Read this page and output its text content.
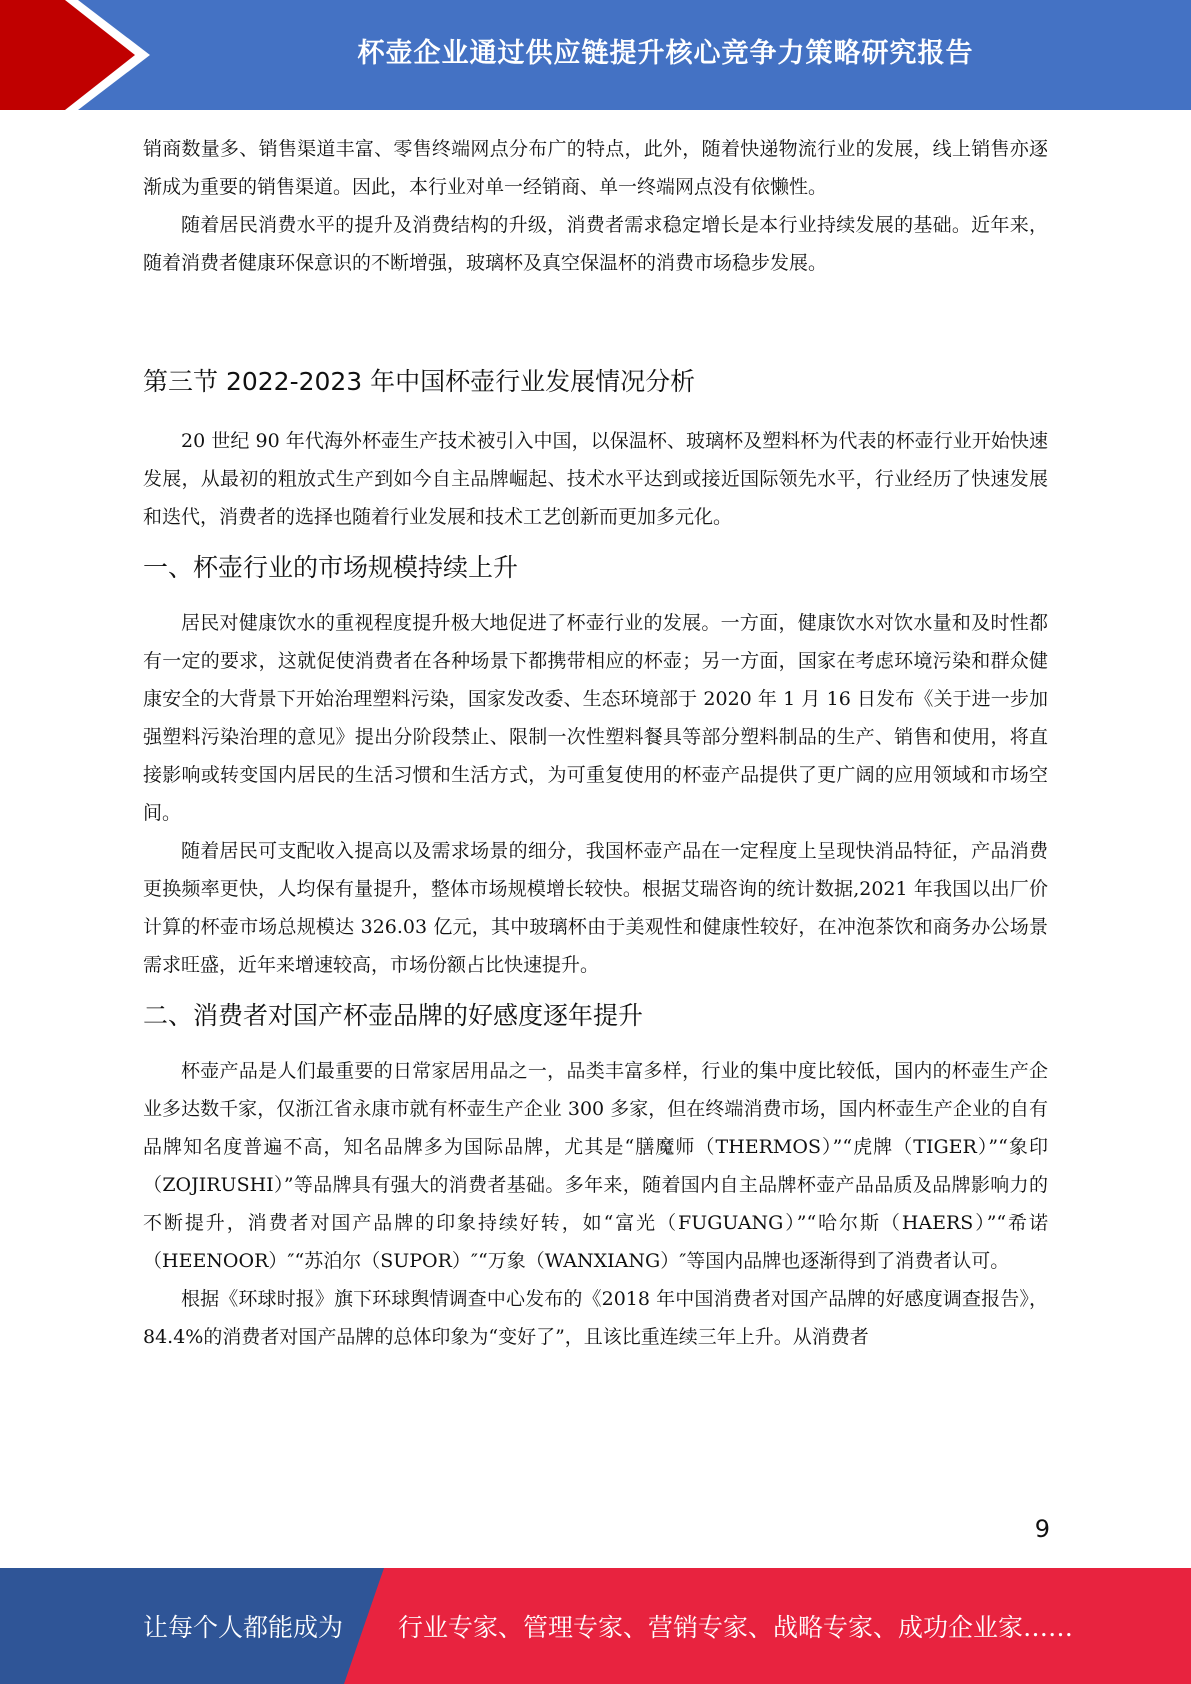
杯壶企业通过供应链提升核心竞争力策略研究报告

销商数量多、销售渠道丰富、零售终端网点分布广的特点，此外，随着快递物流行业的发展，线上销售亦逐渐成为重要的销售渠道。因此，本行业对单一经销商、单一终端网点没有依懒性。

随着居民消费水平的提升及消费结构的升级，消费者需求稳定增长是本行业持续发展的基础。近年来，随着消费者健康环保意识的不断增强，玻璃杯及真空保温杯的消费市场稳步发展。

第三节 2022-2023 年中国杯壶行业发展情况分析

20 世纪 90 年代海外杯壶生产技术被引入中国，以保温杯、玻璃杯及塑料杯为代表的杯壶行业开始快速发展，从最初的粗放式生产到如今自主品牌崛起、技术水平达到或接近国际领先水平，行业经历了快速发展和迭代，消费者的选择也随着行业发展和技术工艺创新而更加多元化。

一、杯壶行业的市场规模持续上升

居民对健康饮水的重视程度提升极大地促进了杯壶行业的发展。一方面，健康饮水对饮水量和及时性都有一定的要求，这就促使消费者在各种场景下都携带相应的杯壶；另一方面，国家在考虑环境污染和群众健康安全的大背景下开始治理塑料污染，国家发改委、生态环境部于 2020 年 1 月 16 日发布《关于进一步加强塑料污染治理的意见》提出分阶段禁止、限制一次性塑料餐具等部分塑料制品的生产、销售和使用，将直接影响或转变国内居民的生活习惯和生活方式，为可重复使用的杯壶产品提供了更广阔的应用领域和市场空间。

随着居民可支配收入提高以及需求场景的细分，我国杯壶产品在一定程度上呈现快消品特征，产品消费更换频率更快，人均保有量提升，整体市场规模增长较快。根据艾瑞咨询的统计数据,2021 年我国以出厂价计算的杯壶市场总规模达 326.03 亿元，其中玻璃杯由于美观性和健康性较好，在冲泡茶饮和商务办公场景需求旺盛，近年来增速较高，市场份额占比快速提升。

二、消费者对国产杯壶品牌的好感度逐年提升

杯壶产品是人们最重要的日常家居用品之一，品类丰富多样，行业的集中度比较低，国内的杯壶生产企业多达数千家，仅浙江省永康市就有杯壶生产企业 300 多家，但在终端消费市场，国内杯壶生产企业的自有品牌知名度普遍不高，知名品牌多为国际品牌，尤其是“膳魔师（THERMOS）”“虎牌（TIGER）”“象印（ZOJIRUSHI）”等品牌具有强大的消费者基础。多年来，随着国内自主品牌杯壶产品品质及品牌影响力的不断提升，消费者对国产品牌的印象持续好转，如“富光（FUGUANG）”“哈尔斯（HAERS）”“希诺（HEENOOR）″“苏泊尔（SUPOR）″“万象（WANXIANG）″等国内品牌也逐渐得到了消费者认可。

根据《环球时报》旗下环球舆情调查中心发布的《2018 年中国消费者对国产品牌的好感度调查报告》，84.4%的消费者对国产品牌的总体印象为“变好了”，且该比重连续三年上升。从消费者

9
让每个人都能成为 行业专家、管理专家、营销专家、战略专家、成功企业家……
